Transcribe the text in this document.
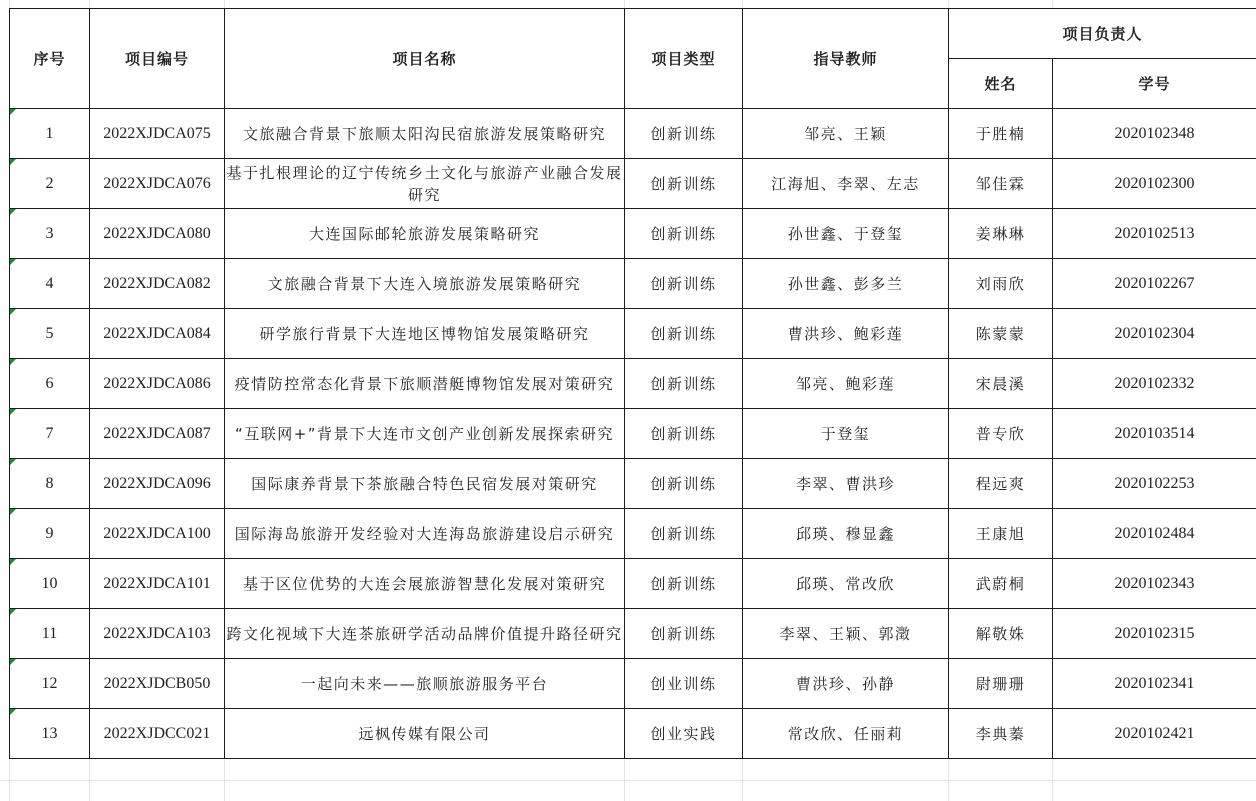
序号	项目编号	项目名称	项目类型	指导教师	项目负责人	
					姓名	学号
1	2022XJDCA075	文旅融合背景下旅顺太阳沟民宿旅游发展策略研究	创新训练	邹亮、王颖	于胜楠	2020102348
2	2022XJDCA076	基于扎根理论的辽宁传统乡土文化与旅游产业融合发展研究	创新训练	江海旭、李翠、左志	邹佳霖	2020102300
3	2022XJDCA080	大连国际邮轮旅游发展策略研究	创新训练	孙世鑫、于登玺	姜琳琳	2020102513
4	2022XJDCA082	文旅融合背景下大连入境旅游发展策略研究	创新训练	孙世鑫、彭多兰	刘雨欣	2020102267
5	2022XJDCA084	研学旅行背景下大连地区博物馆发展策略研究	创新训练	曹洪珍、鲍彩莲	陈蒙蒙	2020102304
6	2022XJDCA086	疫情防控常态化背景下旅顺潜艇博物馆发展对策研究	创新训练	邹亮、鲍彩莲	宋晨溪	2020102332
7	2022XJDCA087	“互联网+”背景下大连市文创产业创新发展探索研究	创新训练	于登玺	普专欣	2020103514
8	2022XJDCA096	国际康养背景下茶旅融合特色民宿发展对策研究	创新训练	李翠、曹洪珍	程远爽	2020102253
9	2022XJDCA100	国际海岛旅游开发经验对大连海岛旅游建设启示研究	创新训练	邱瑛、穆显鑫	王康旭	2020102484
10	2022XJDCA101	基于区位优势的大连会展旅游智慧化发展对策研究	创新训练	邱瑛、常改欣	武蔚桐	2020102343
11	2022XJDCA103	跨文化视域下大连茶旅研学活动品牌价值提升路径研究	创新训练	李翠、王颖、郭澂	解敬姝	2020102315
12	2022XJDCB050	一起向未来——旅顺旅游服务平台	创业训练	曹洪珍、孙静	尉珊珊	2020102341
13	2022XJDCC021	远枫传媒有限公司	创业实践	常改欣、任丽莉	李典蓁	2020102421
